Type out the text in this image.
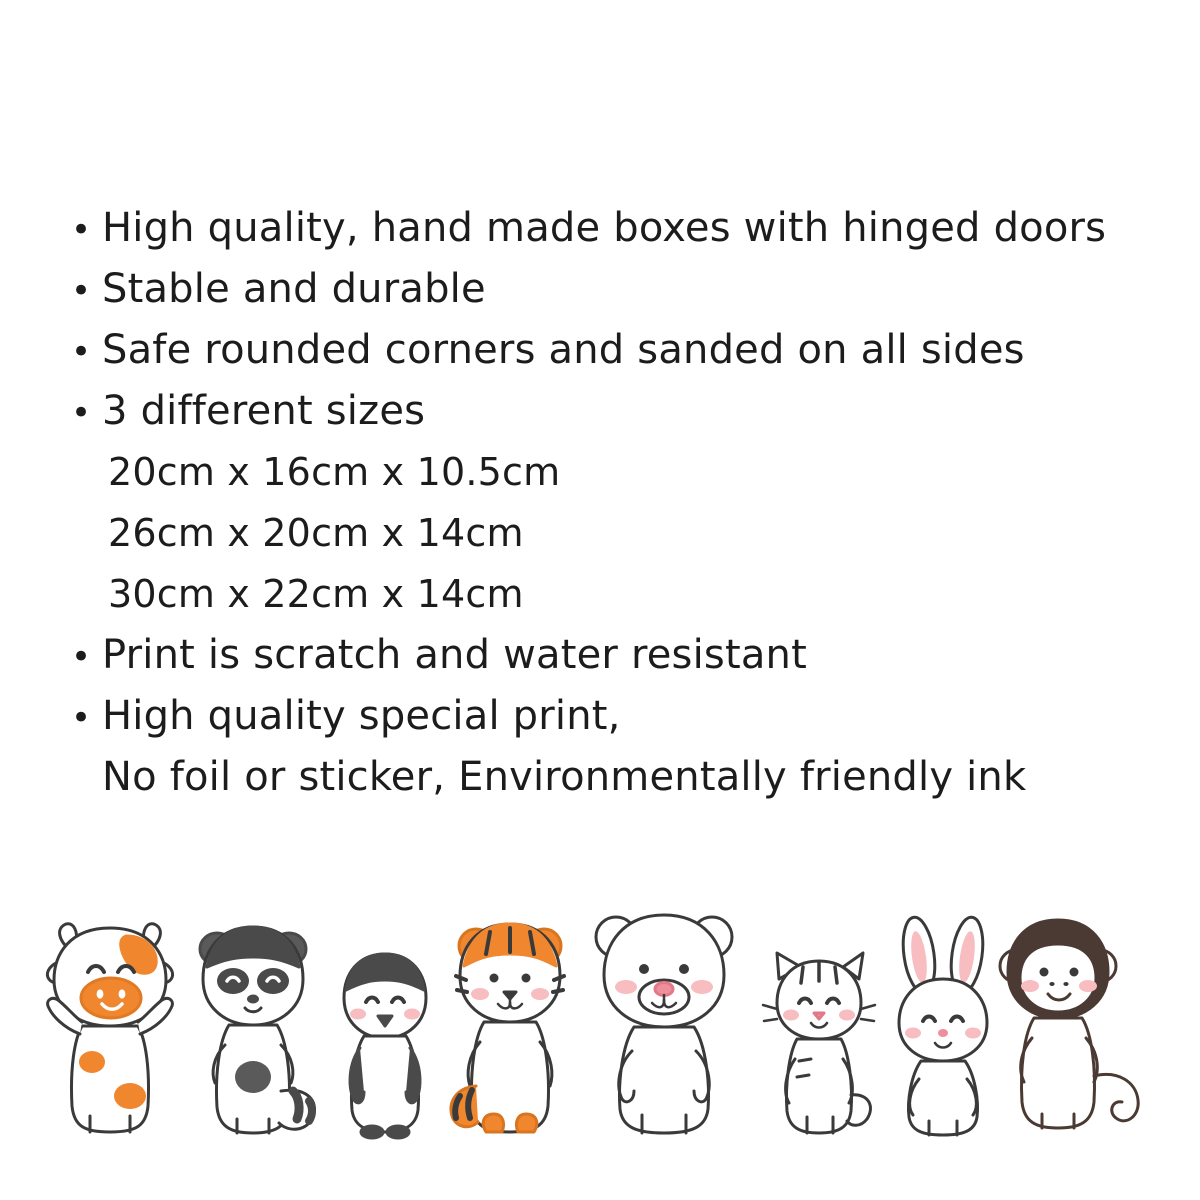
• High quality, hand made boxes with hinged doors
• Stable and durable
• Safe rounded corners and sanded on all sides
• 3 different sizes
20cm x 16cm x 10.5cm
26cm x 20cm x 14cm
30cm x 22cm x 14cm
• Print is scratch and water resistant
• High quality special print,
No foil or sticker, Environmentally friendly ink
